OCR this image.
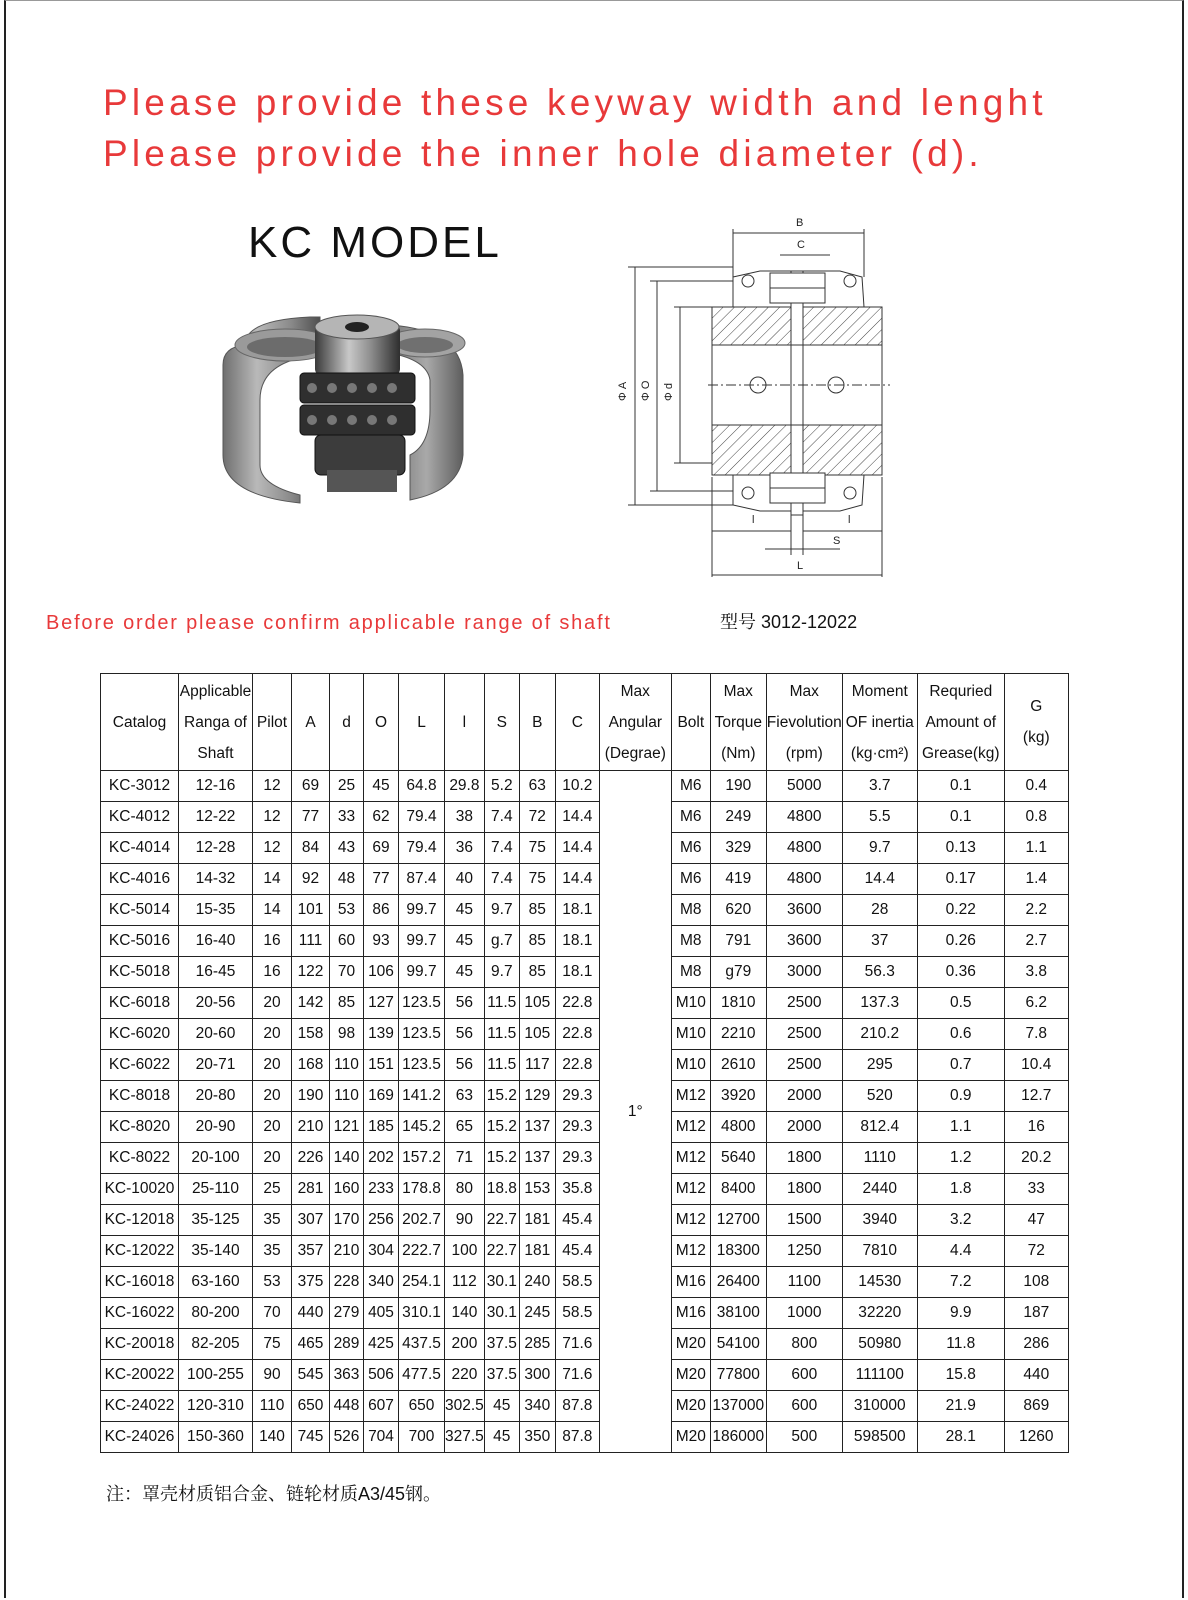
Please provide these keyway width and lenght
Please provide the inner hole diameter (d).
KC MODEL	B
C
l	l
S
L
Φ A Φ O Φ d
型号 3012-12022
Before order please confirm applicable range of shaft
Catalog	Applicable
Ranga of
Shaft	Pilot	A	d	O	L	l	S	B	C	Max
Angular
(Degrae)	Bolt	Max
Torque
(Nm)	Max
Fievolution
(rpm)	Moment
OF inertia
(kg·cm²)	Requried
Amount of
Grease(kg)	G
(kg)

KC-3012	12-16	12	69	25	45	64.8	29.8	5.2	63	10.2	1°	M6	190	5000	3.7	0.1	0.4
KC-4012	12-22	12	77	33	62	79.4	38	7.4	72	14.4		M6	249	4800	5.5	0.1	0.8
KC-4014	12-28	12	84	43	69	79.4	36	7.4	75	14.4		M6	329	4800	9.7	0.13	1.1
KC-4016	14-32	14	92	48	77	87.4	40	7.4	75	14.4		M6	419	4800	14.4	0.17	1.4
KC-5014	15-35	14	101	53	86	99.7	45	9.7	85	18.1		M8	620	3600	28	0.22	2.2
KC-5016	16-40	16	111	60	93	99.7	45	g.7	85	18.1		M8	791	3600	37	0.26	2.7
KC-5018	16-45	16	122	70	106	99.7	45	9.7	85	18.1		M8	g79	3000	56.3	0.36	3.8
KC-6018	20-56	20	142	85	127	123.5	56	11.5	105	22.8		M10	1810	2500	137.3	0.5	6.2
KC-6020	20-60	20	158	98	139	123.5	56	11.5	105	22.8		M10	2210	2500	210.2	0.6	7.8
KC-6022	20-71	20	168	110	151	123.5	56	11.5	117	22.8		M10	2610	2500	295	0.7	10.4
KC-8018	20-80	20	190	110	169	141.2	63	15.2	129	29.3		M12	3920	2000	520	0.9	12.7
KC-8020	20-90	20	210	121	185	145.2	65	15.2	137	29.3		M12	4800	2000	812.4	1.1	16
KC-8022	20-100	20	226	140	202	157.2	71	15.2	137	29.3		M12	5640	1800	1110	1.2	20.2
KC-10020	25-110	25	281	160	233	178.8	80	18.8	153	35.8		M12	8400	1800	2440	1.8	33
KC-12018	35-125	35	307	170	256	202.7	90	22.7	181	45.4		M12	12700	1500	3940	3.2	47
KC-12022	35-140	35	357	210	304	222.7	100	22.7	181	45.4		M12	18300	1250	7810	4.4	72
KC-16018	63-160	53	375	228	340	254.1	112	30.1	240	58.5		M16	26400	1100	14530	7.2	108
KC-16022	80-200	70	440	279	405	310.1	140	30.1	245	58.5		M16	38100	1000	32220	9.9	187
KC-20018	82-205	75	465	289	425	437.5	200	37.5	285	71.6		M20	54100	800	50980	11.8	286
KC-20022	100-255	90	545	363	506	477.5	220	37.5	300	71.6		M20	77800	600	111100	15.8	440
KC-24022	120-310	110	650	448	607	650	302.5	45	340	87.8		M20	137000	600	310000	21.9	869
KC-24026	150-360	140	745	526	704	700	327.5	45	350	87.8		M20	186000	500	598500	28.1	1260
注：罩壳材质铝合金、链轮材质A3/45钢。
